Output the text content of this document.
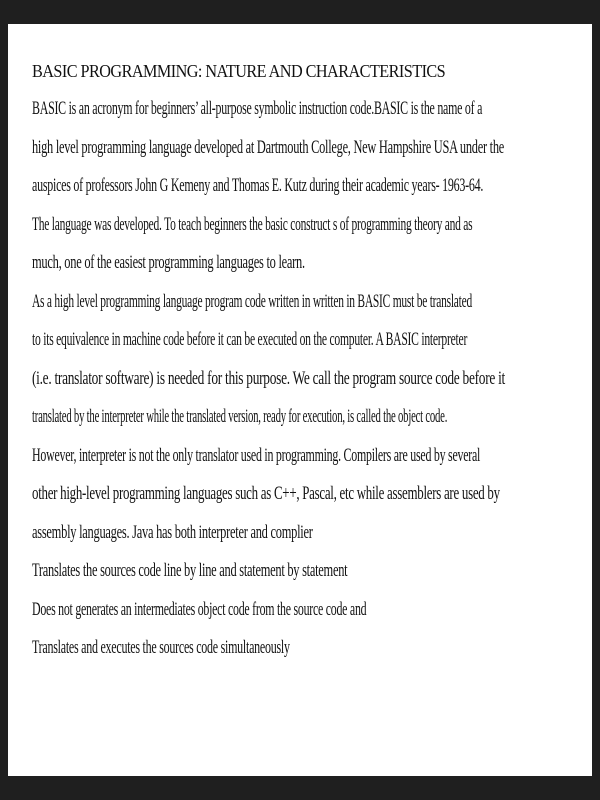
BASIC PROGRAMMING: NATURE AND CHARACTERISTICS
BASIC is an acronym for beginners’ all-purpose symbolic instruction code.BASIC is the name of a
high level programming language developed at Dartmouth College, New Hampshire USA under the
auspices of professors John G Kemeny and Thomas E. Kutz during their academic years- 1963-64.
The language was developed. To teach beginners the basic construct s of programming theory and as
much, one of the easiest programming languages to learn.
As a high level programming language program code written in written in BASIC must be translated
to its equivalence in machine code before it can be executed on the computer. A BASIC interpreter
(i.e. translator software) is needed for this purpose. We call the program source code before it
translated by the interpreter while the translated version, ready for execution, is called the object code.
However, interpreter is not the only translator used in programming. Compilers are used by several
other high-level programming languages such as C++, Pascal, etc while assemblers are used by
assembly languages. Java has both interpreter and complier
Translates the sources code line by line and statement by statement
Does not generates an intermediates object code from the source code and
Translates and executes the sources code simultaneously
